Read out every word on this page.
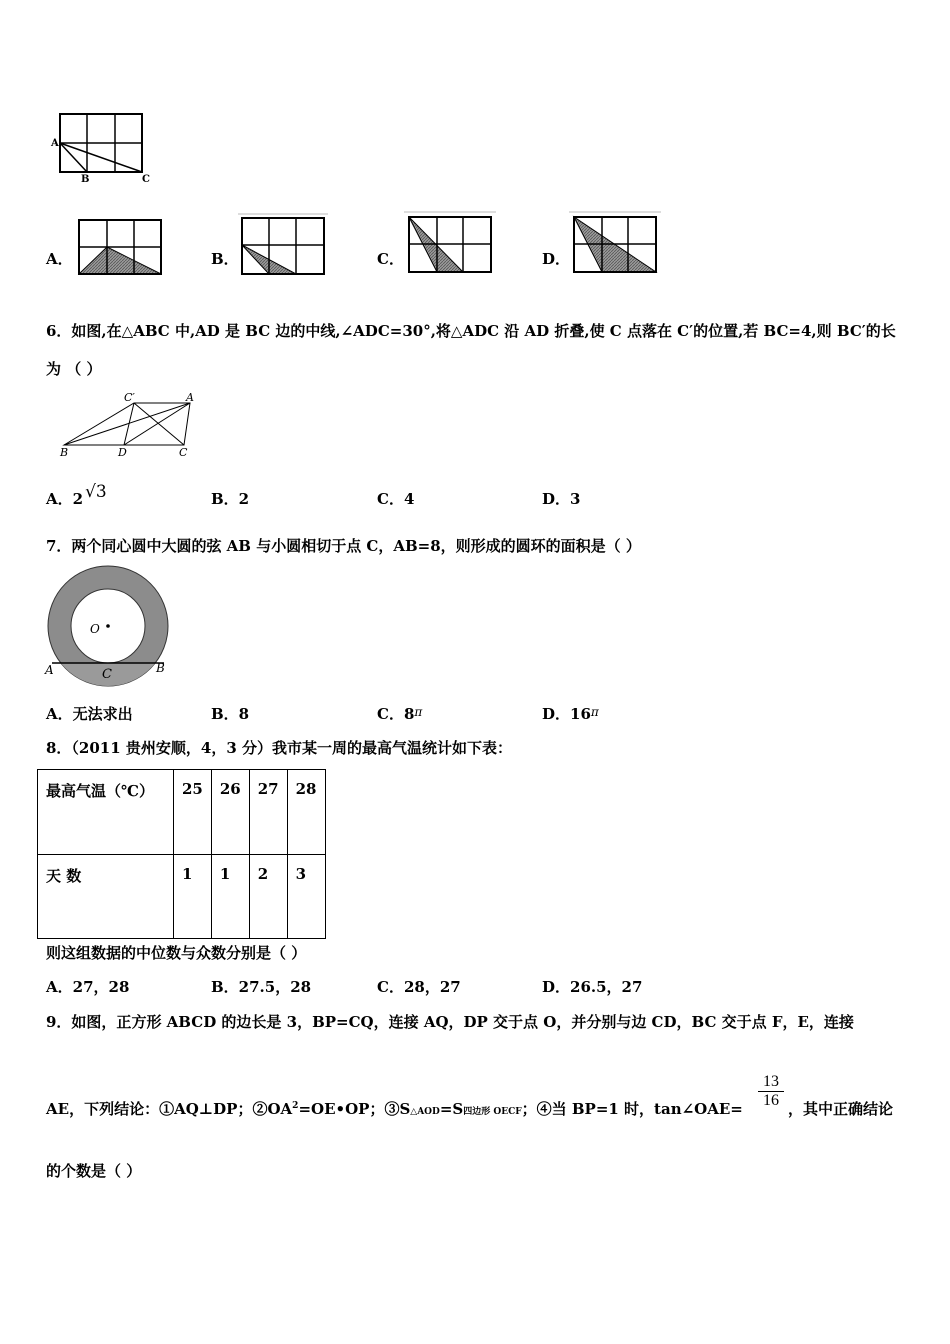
A
B	C
A．	B．	C．	D．
6．如图,在△ABC 中,AD 是 BC 边的中线,∠ADC=30°,将△ADC 沿 AD 折叠,使 C 点落在 C′的位置,若 BC=4,则 BC′的长
为 （ ）
C′	A
B	D	C
A．2 √3	B．2	C．4	D．3
7．两个同心圆中大圆的弦 AB 与小圆相切于点 C，AB=8，则形成的圆环的面积是（ ）
O
A	B
C
A．无法求出	B．8	C．$8^\pi$	D．$16^\pi$
8．（2011 贵州安顺，4，3 分）我市某一周的最高气温统计如下表：
最高气温（℃）	25	26	27	28
天 数	1	1	2	3
则这组数据的中位数与众数分别是（ ）
A．27，28	B．27.5，28	C．28，27	D．26.5，27
9．如图，正方形 ABCD 的边长是 3，BP=CQ，连接 AQ，DP 交于点 O，并分别与边 CD，BC 交于点 F，E，连接
AE，下列结论：①AQ⊥DP；$②OA^2=OE•OP$；③S△AOD=S四边形 OECF；④当 BP=1 时，tan∠OAE= $\frac{13}{16}$ ，其中正确结论
的个数是（ ）
